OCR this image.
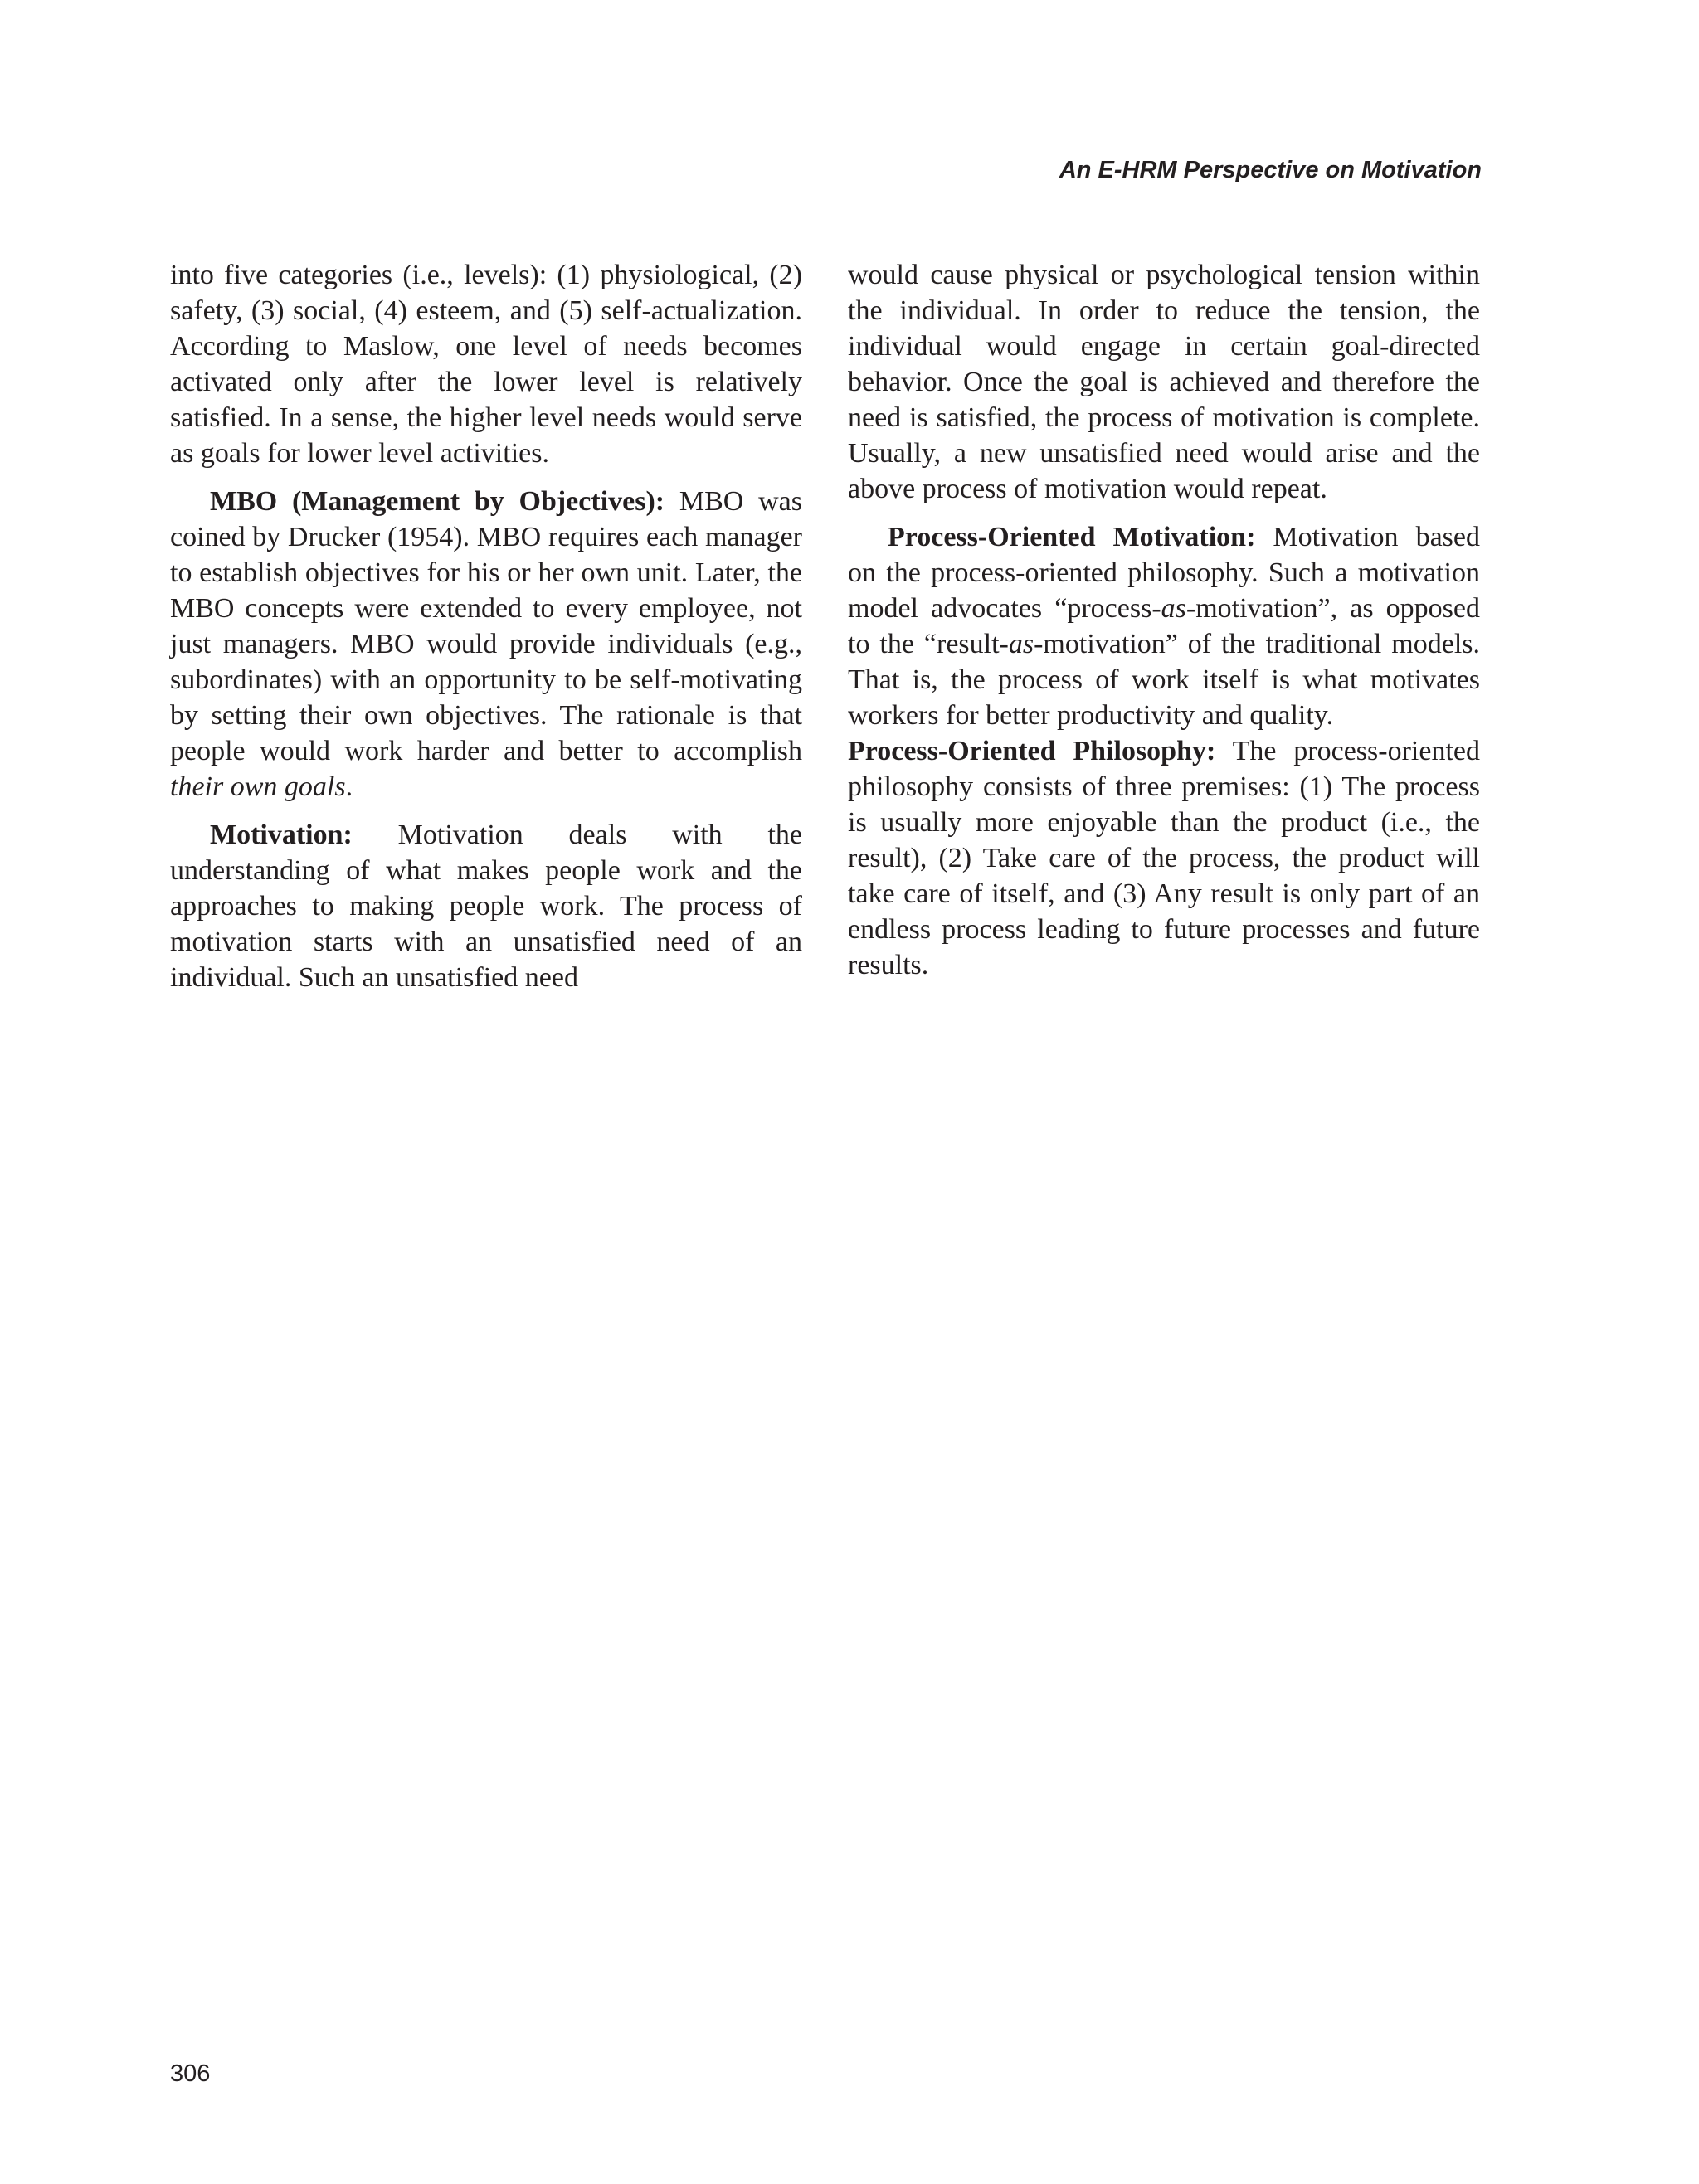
An E-HRM Perspective on Motivation

into five categories (i.e., levels): (1) physiological, (2) safety, (3) social, (4) esteem, and (5) self-actualization. According to Maslow, one level of needs becomes activated only after the lower level is relatively satisfied. In a sense, the higher level needs would serve as goals for lower level activities.

MBO (Management by Objectives): MBO was coined by Drucker (1954). MBO requires each manager to establish objectives for his or her own unit. Later, the MBO concepts were extended to every employee, not just managers. MBO would provide individuals (e.g., subordinates) with an opportunity to be self-motivating by setting their own objectives. The rationale is that people would work harder and better to accomplish their own goals.

Motivation: Motivation deals with the understanding of what makes people work and the approaches to making people work. The process of motivation starts with an unsatisfied need of an individual. Such an unsatisfied need

would cause physical or psychological tension within the individual. In order to reduce the tension, the individual would engage in certain goal-directed behavior. Once the goal is achieved and therefore the need is satisfied, the process of motivation is complete. Usually, a new unsatisfied need would arise and the above process of motivation would repeat.

Process-Oriented Motivation: Motivation based on the process-oriented philosophy. Such a motivation model advocates “process-as-motivation”, as opposed to the “result-as-motivation” of the traditional models. That is, the process of work itself is what motivates workers for better productivity and quality.

Process-Oriented Philosophy: The process-oriented philosophy consists of three premises: (1) The process is usually more enjoyable than the product (i.e., the result), (2) Take care of the process, the product will take care of itself, and (3) Any result is only part of an endless process leading to future processes and future results.

306
